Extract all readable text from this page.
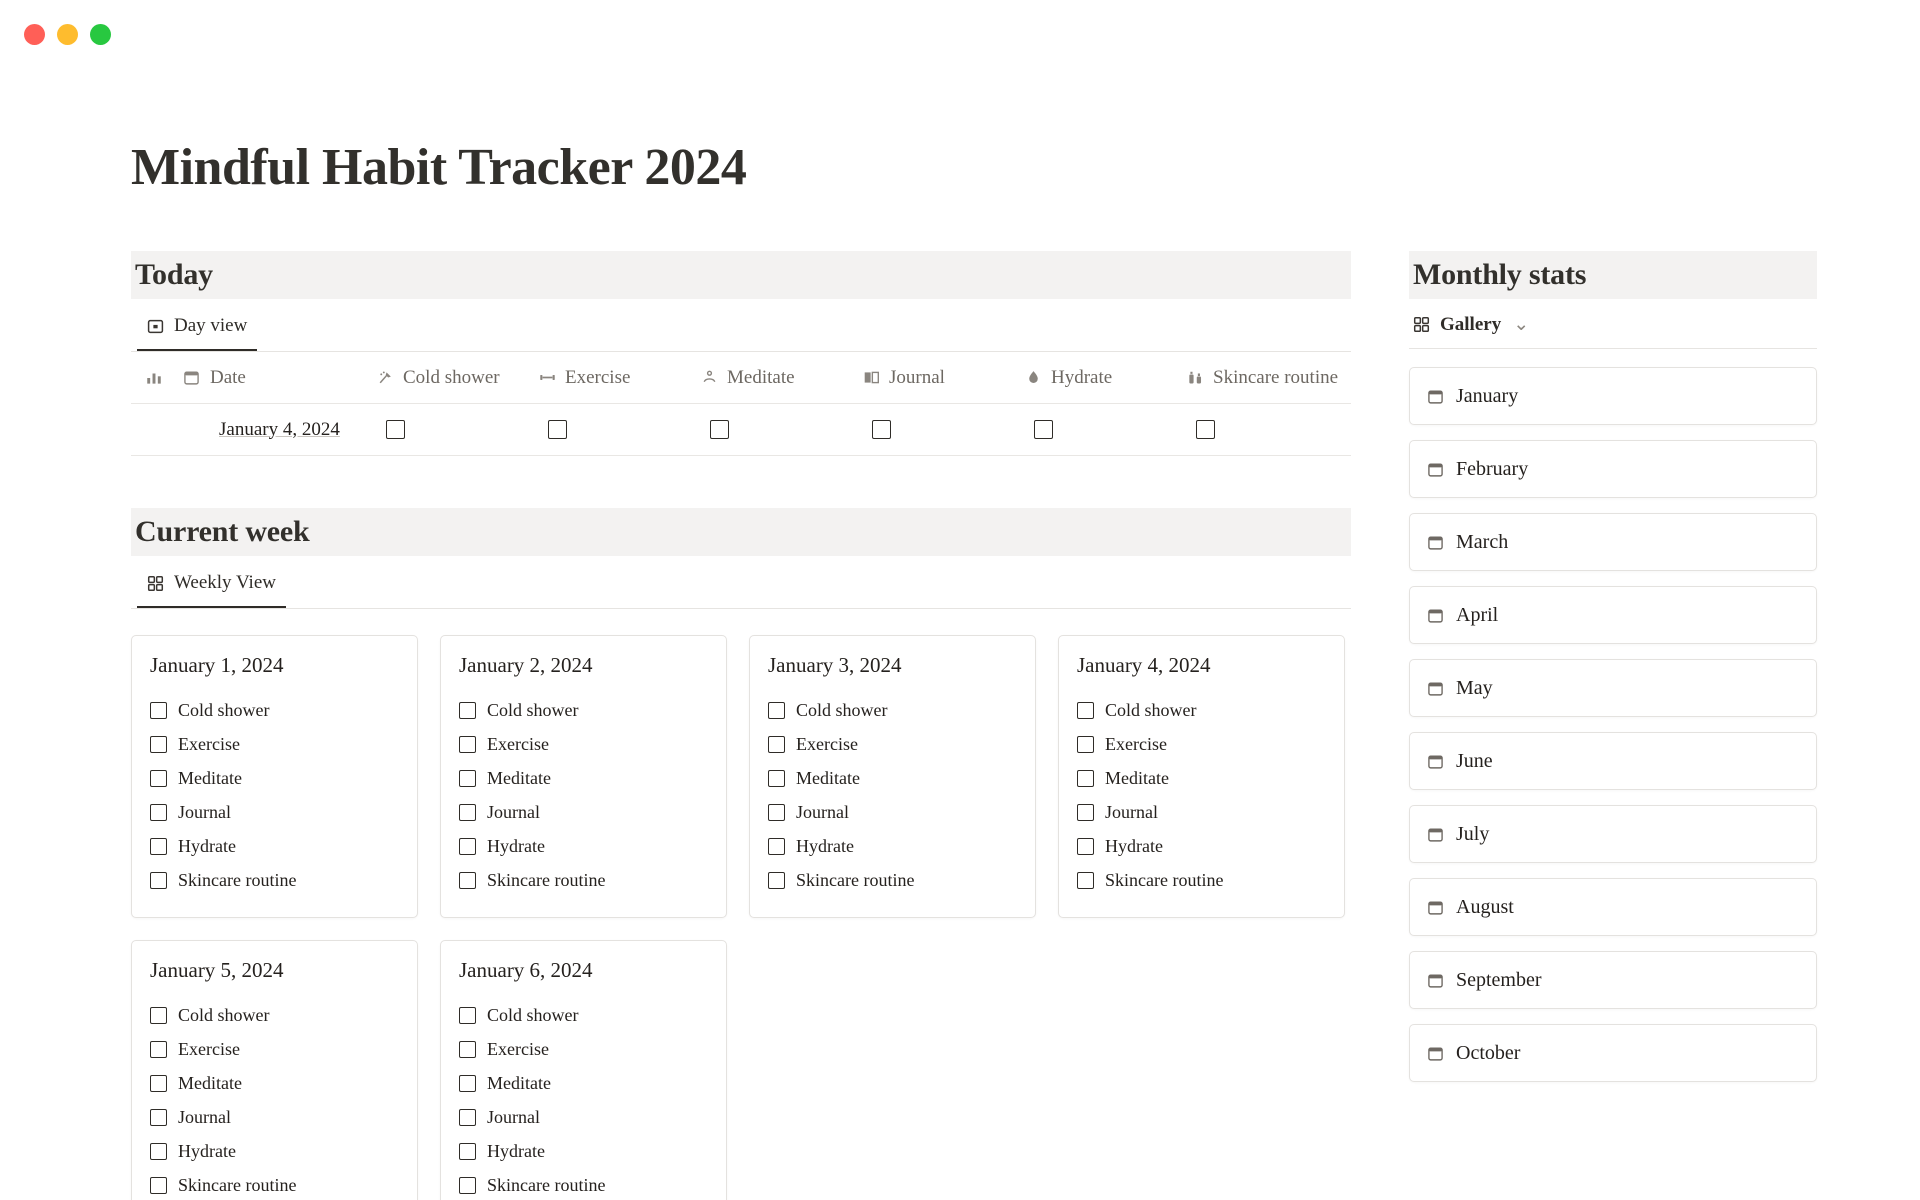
Mindful Habit Tracker 2024
Today
Day view
Date	Cold shower	Exercise	Meditate	Journal	Hydrate	Skincare routine
January 4, 2024
Current week
Weekly View
January 1, 2024
Cold shower
Exercise
Meditate
Journal
Hydrate
Skincare routine
January 2, 2024
Cold shower
Exercise
Meditate
Journal
Hydrate
Skincare routine
January 3, 2024
Cold shower
Exercise
Meditate
Journal
Hydrate
Skincare routine
January 4, 2024
Cold shower
Exercise
Meditate
Journal
Hydrate
Skincare routine
January 5, 2024
Cold shower
Exercise
Meditate
Journal
Hydrate
Skincare routine
January 6, 2024
Cold shower
Exercise
Meditate
Journal
Hydrate
Skincare routine
Monthly stats
Gallery ⌄
January
February
March
April
May
June
July
August
September
October
